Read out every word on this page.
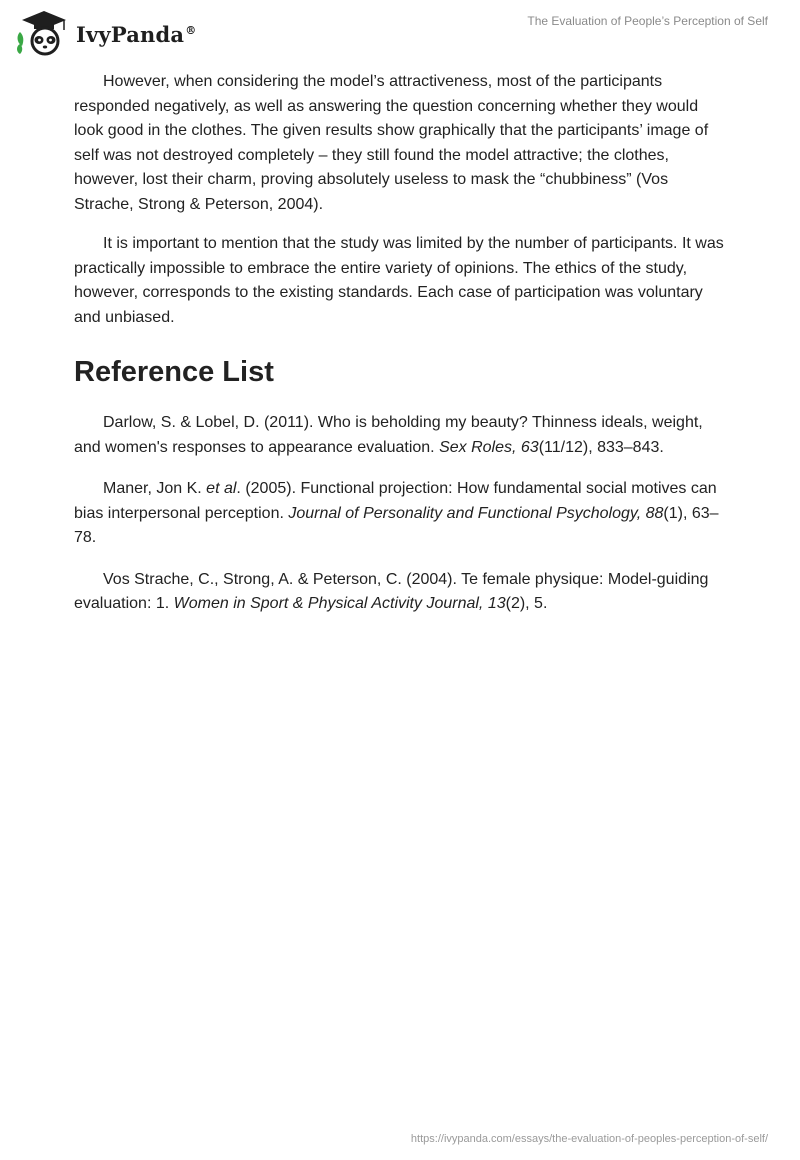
IvyPanda®
The Evaluation of People’s Perception of Self

However, when considering the model’s attractiveness, most of the participants responded negatively, as well as answering the question concerning whether they would look good in the clothes. The given results show graphically that the participants’ image of self was not destroyed completely – they still found the model attractive; the clothes, however, lost their charm, proving absolutely useless to mask the “chubbiness” (Vos Strache, Strong & Peterson, 2004).

It is important to mention that the study was limited by the number of participants. It was practically impossible to embrace the entire variety of opinions. The ethics of the study, however, corresponds to the existing standards. Each case of participation was voluntary and unbiased.

Reference List

Darlow, S. & Lobel, D. (2011). Who is beholding my beauty? Thinness ideals, weight, and women's responses to appearance evaluation. Sex Roles, 63(11/12), 833–843.

Maner, Jon K. et al. (2005). Functional projection: How fundamental social motives can bias interpersonal perception. Journal of Personality and Functional Psychology, 88(1), 63–78.

Vos Strache, C., Strong, A. & Peterson, C. (2004). Te female physique: Model-guiding evaluation: 1. Women in Sport & Physical Activity Journal, 13(2), 5.

https://ivypanda.com/essays/the-evaluation-of-peoples-perception-of-self/
